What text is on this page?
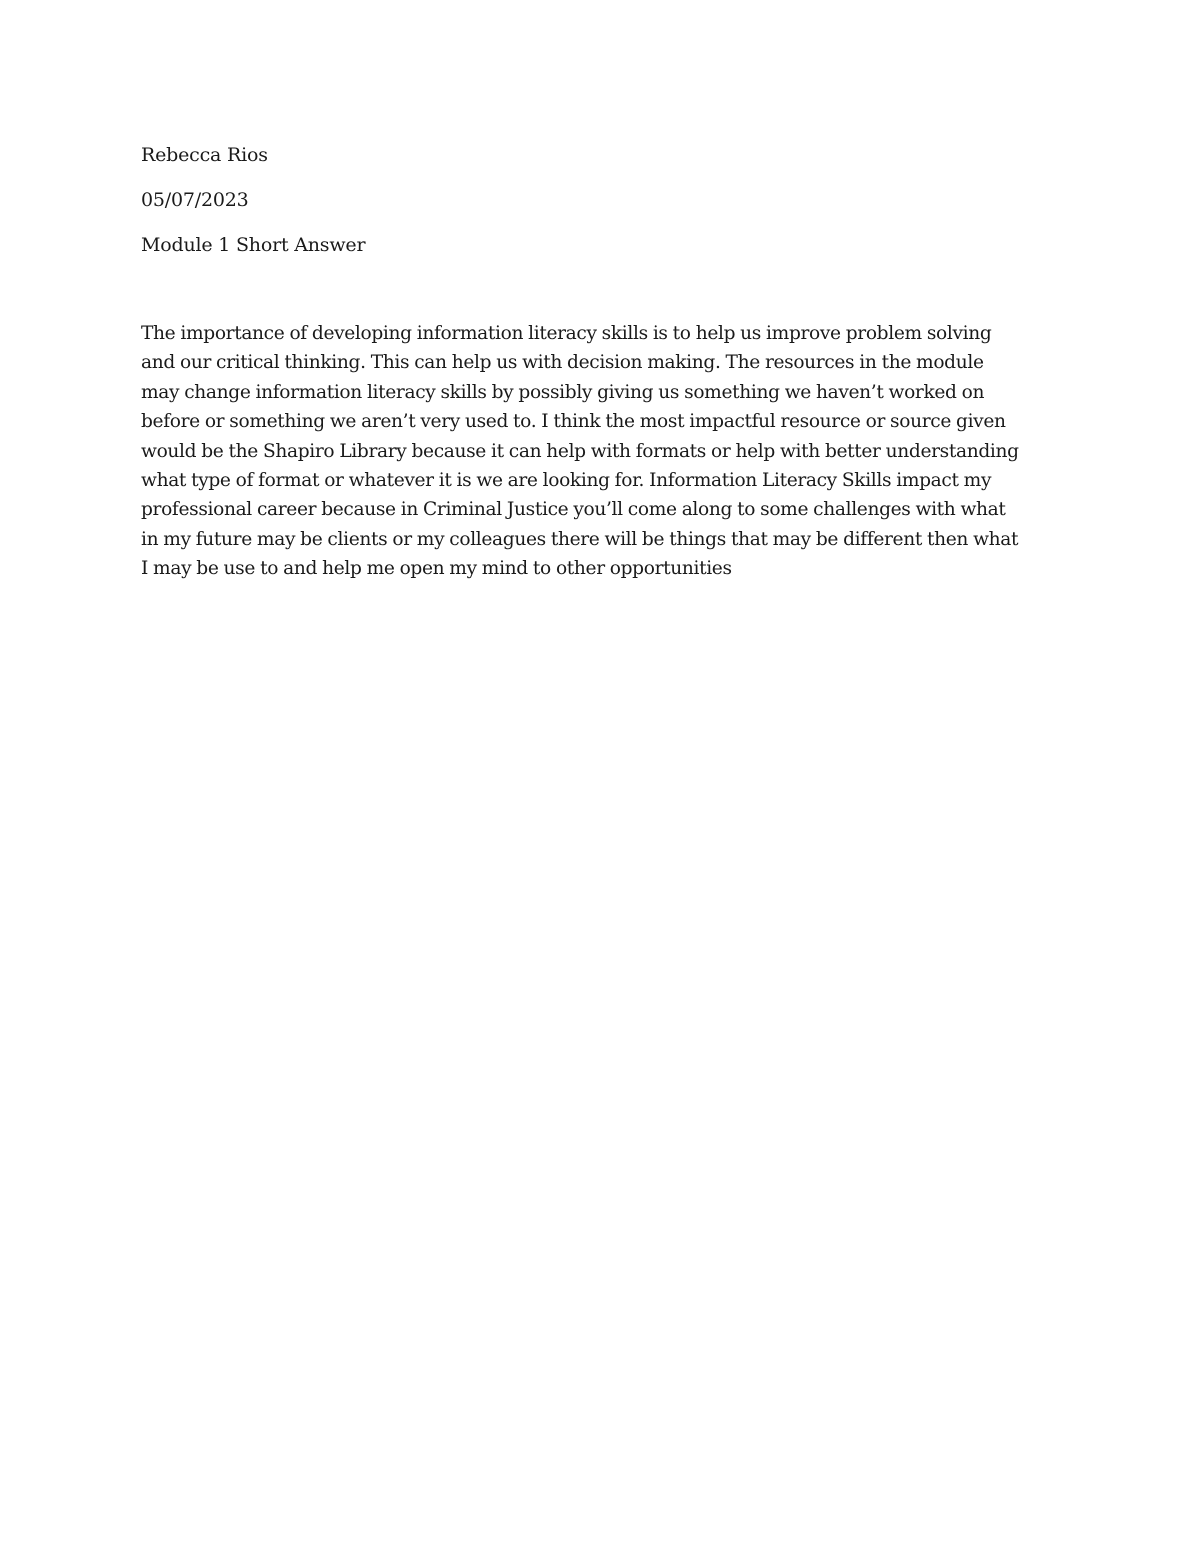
Rebecca Rios
05/07/2023
Module 1 Short Answer
The importance of developing information literacy skills is to help us improve problem solving
and our critical thinking. This can help us with decision making. The resources in the module
may change information literacy skills by possibly giving us something we haven’t worked on
before or something we aren’t very used to. I think the most impactful resource or source given
would be the Shapiro Library because it can help with formats or help with better understanding
what type of format or whatever it is we are looking for. Information Literacy Skills impact my
professional career because in Criminal Justice you’ll come along to some challenges with what
in my future may be clients or my colleagues there will be things that may be different then what
I may be use to and help me open my mind to other opportunities
